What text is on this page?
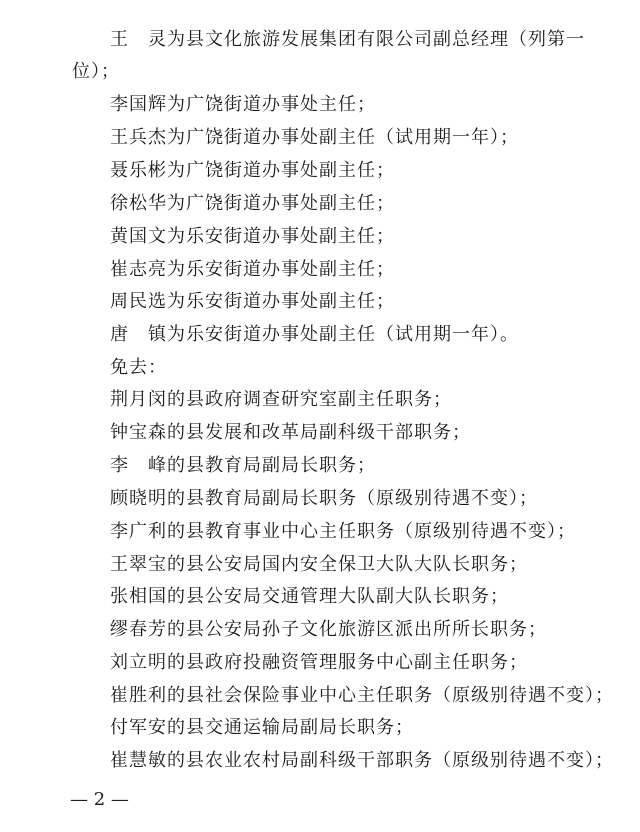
王　灵为县文化旅游发展集团有限公司副总经理（列第一
位）；
李国辉为广饶街道办事处主任；
王兵杰为广饶街道办事处副主任（试用期一年）；
聂乐彬为广饶街道办事处副主任；
徐松华为广饶街道办事处副主任；
黄国文为乐安街道办事处副主任；
崔志亮为乐安街道办事处副主任；
周民选为乐安街道办事处副主任；
唐　镇为乐安街道办事处副主任（试用期一年）。
免去：
荆月闵的县政府调查研究室副主任职务；
钟宝森的县发展和改革局副科级干部职务；
李　峰的县教育局副局长职务；
顾晓明的县教育局副局长职务（原级别待遇不变）；
李广利的县教育事业中心主任职务（原级别待遇不变）；
王翠宝的县公安局国内安全保卫大队大队长职务；
张相国的县公安局交通管理大队副大队长职务；
缪春芳的县公安局孙子文化旅游区派出所所长职务；
刘立明的县政府投融资管理服务中心副主任职务；
崔胜利的县社会保险事业中心主任职务（原级别待遇不变）；
付军安的县交通运输局副局长职务；
崔慧敏的县农业农村局副科级干部职务（原级别待遇不变）；
— 2 —
